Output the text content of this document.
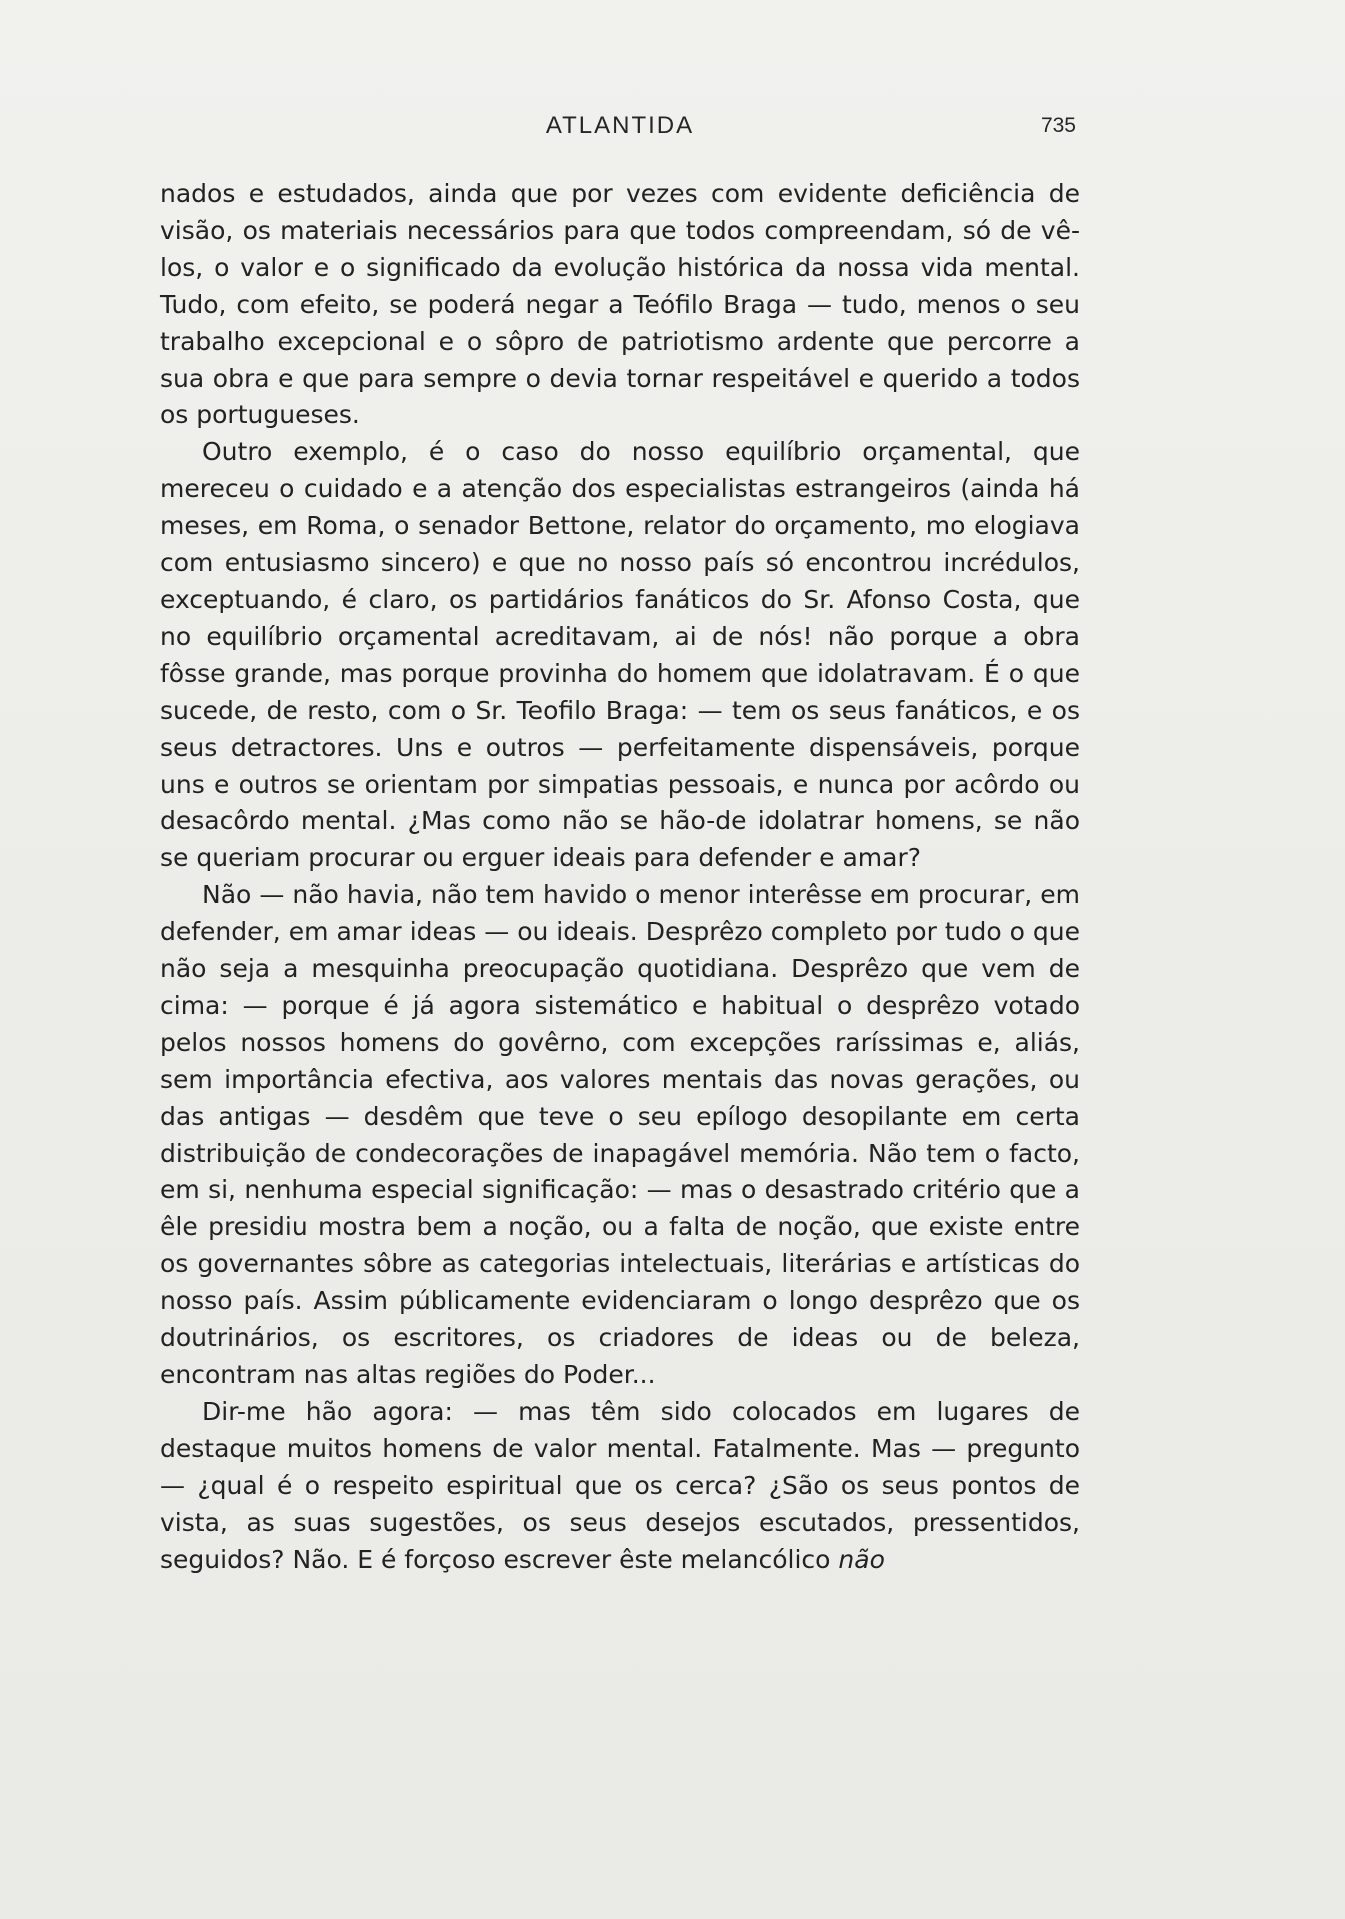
ATLANTIDA	735

nados e estudados, ainda que por vezes com evidente deficiência de visão, os materiais necessários para que todos compreendam, só de vê-los, o valor e o significado da evolução histórica da nossa vida mental. Tudo, com efeito, se poderá negar a Teófilo Braga — tudo, menos o seu trabalho excepcional e o sôpro de patriotismo ardente que percorre a sua obra e que para sempre o devia tornar respeitável e querido a todos os portugueses.

Outro exemplo, é o caso do nosso equilíbrio orçamental, que mereceu o cuidado e a atenção dos especialistas estrangeiros (ainda há meses, em Roma, o senador Bettone, relator do orçamento, mo elogiava com entusiasmo sincero) e que no nosso país só encontrou incrédulos, exceptuando, é claro, os partidários fanáticos do Sr. Afonso Costa, que no equilíbrio orçamental acreditavam, ai de nós! não porque a obra fôsse grande, mas porque provinha do homem que idolatravam. É o que sucede, de resto, com o Sr. Teofilo Braga: — tem os seus fanáticos, e os seus detractores. Uns e outros — perfeitamente dispensáveis, porque uns e outros se orientam por simpatias pessoais, e nunca por acôrdo ou desacôrdo mental. ¿Mas como não se hão-de idolatrar homens, se não se queriam procurar ou erguer ideais para defender e amar?

Não — não havia, não tem havido o menor interêsse em procurar, em defender, em amar ideas — ou ideais. Desprêzo completo por tudo o que não seja a mesquinha preocupação quotidiana. Desprêzo que vem de cima: — porque é já agora sistemático e habitual o desprêzo votado pelos nossos homens do govêrno, com excepções raríssimas e, aliás, sem importância efectiva, aos valores mentais das novas gerações, ou das antigas — desdêm que teve o seu epílogo desopilante em certa distribuição de condecorações de inapagável memória. Não tem o facto, em si, nenhuma especial significação: — mas o desastrado critério que a êle presidiu mostra bem a noção, ou a falta de noção, que existe entre os governantes sôbre as categorias intelectuais, literárias e artísticas do nosso país. Assim públicamente evidenciaram o longo desprêzo que os doutrinários, os escritores, os criadores de ideas ou de beleza, encontram nas altas regiões do Poder...

Dir-me hão agora: — mas têm sido colocados em lugares de destaque muitos homens de valor mental. Fatalmente. Mas — pregunto — ¿qual é o respeito espiritual que os cerca? ¿São os seus pontos de vista, as suas sugestões, os seus desejos escutados, pressentidos, seguidos? Não. E é forçoso escrever êste melancólico não
